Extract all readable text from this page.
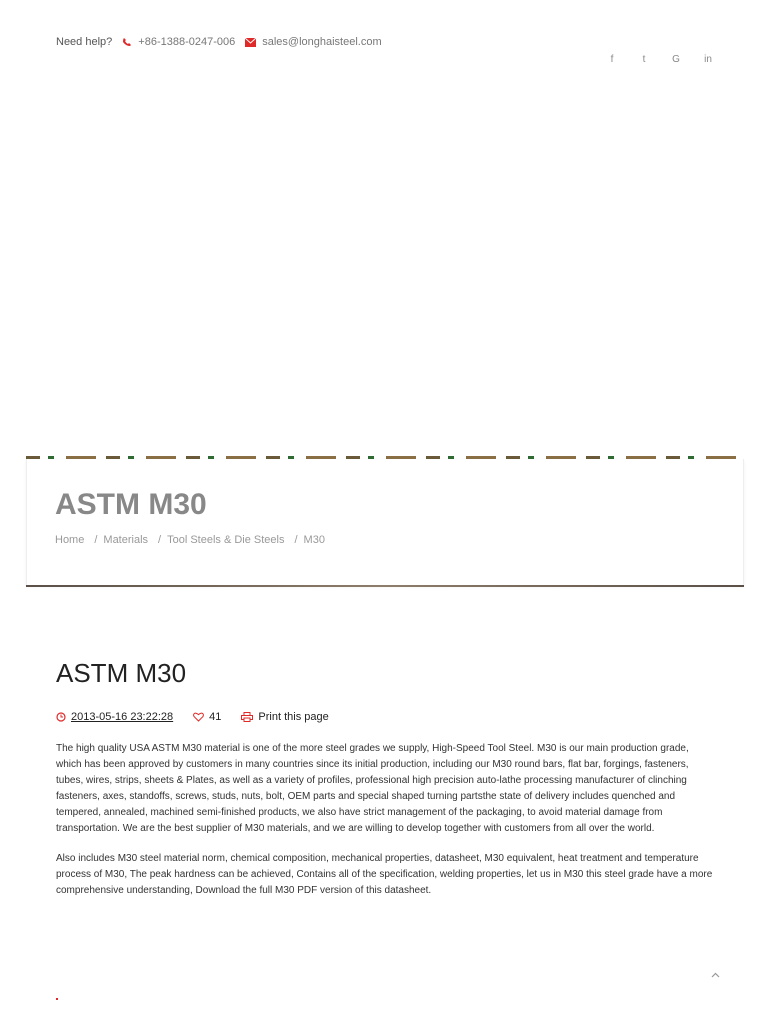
Need help? +86-1388-0247-006 sales@longhaisteel.com
f	t	G	in
ASTM M30
Home / Materials / Tool Steels & Die Steels / M30
ASTM M30
2013-05-16 23:22:28	41	Print this page

The high quality USA ASTM M30 material is one of the more steel grades we supply, High-Speed Tool Steel. M30 is our main production grade, which has been approved by customers in many countries since its initial production, including our M30 round bars, flat bar, forgings, fasteners, tubes, wires, strips, sheets & Plates, as well as a variety of profiles, professional high precision auto-lathe processing manufacturer of clinching fasteners, axes, standoffs, screws, studs, nuts, bolt, OEM parts and special shaped turning partsthe state of delivery includes quenched and tempered, annealed, machined semi-finished products, we also have strict management of the packaging, to avoid material damage from transportation. We are the best supplier of M30 materials, and we are willing to develop together with customers from all over the world.

Also includes M30 steel material norm, chemical composition, mechanical properties, datasheet, M30 equivalent, heat treatment and temperature process of M30, The peak hardness can be achieved, Contains all of the specification, welding properties, let us in M30 this steel grade have a more comprehensive understanding, Download the full M30 PDF version of this datasheet.
